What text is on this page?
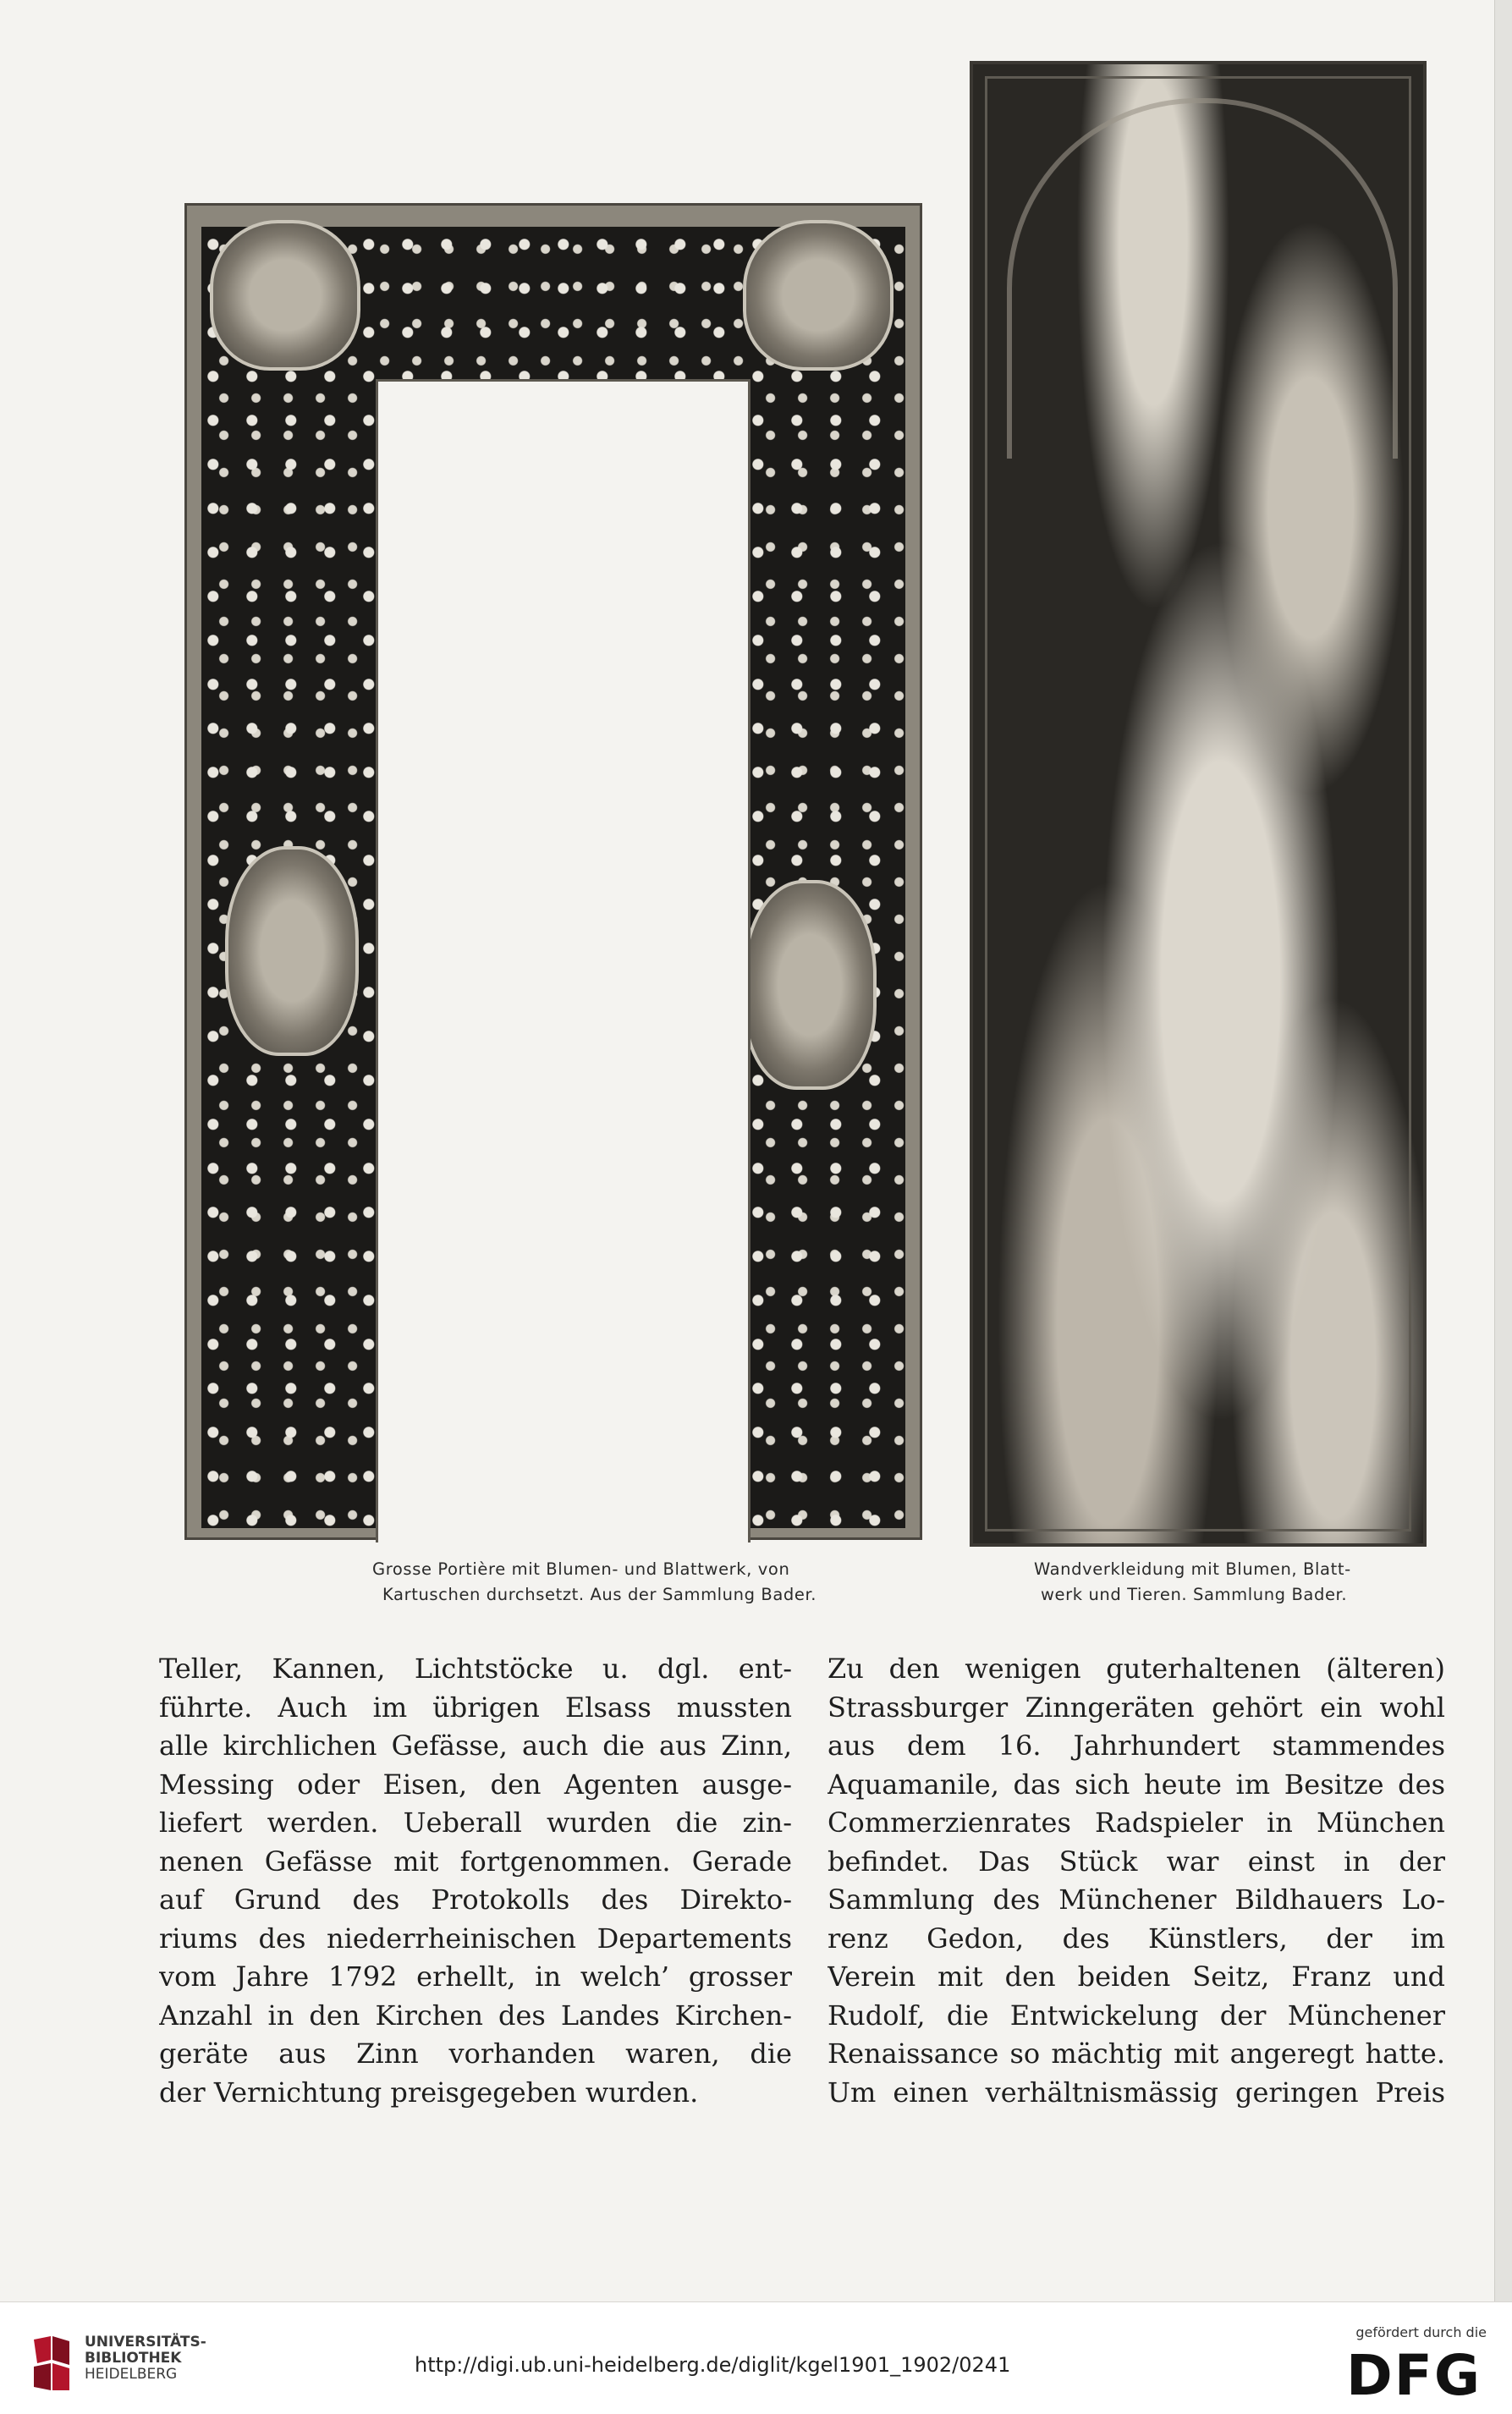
Grosse Portière mit Blumen- und Blattwerk, von
Kartuschen durchsetzt. Aus der Sammlung Bader.
Wandverkleidung mit Blumen, Blatt-
werk und Tieren. Sammlung Bader.
Teller, Kannen, Lichtstöcke u. dgl. ent-
führte. Auch im übrigen Elsass mussten
alle kirchlichen Gefässe, auch die aus Zinn,
Messing oder Eisen, den Agenten ausge-
liefert werden. Ueberall wurden die zin-
nenen Gefässe mit fortgenommen. Gerade
auf Grund des Protokolls des Direkto-
riums des niederrheinischen Departements
vom Jahre 1792 erhellt, in welch’ grosser
Anzahl in den Kirchen des Landes Kirchen-
geräte aus Zinn vorhanden waren, die
der Vernichtung preisgegeben wurden.
Zu den wenigen guterhaltenen (älteren)
Strassburger Zinngeräten gehört ein wohl
aus dem 16. Jahrhundert stammendes
Aquamanile, das sich heute im Besitze des
Commerzienrates Radspieler in München
befindet. Das Stück war einst in der
Sammlung des Münchener Bildhauers Lo-
renz Gedon, des Künstlers, der im
Verein mit den beiden Seitz, Franz und
Rudolf, die Entwickelung der Münchener
Renaissance so mächtig mit angeregt hatte.
Um einen verhältnismässig geringen Preis
UNIVERSITÄTS-
BIBLIOTHEK
HEIDELBERG	http://digi.ub.uni-heidelberg.de/diglit/kgel1901_1902/0241
gefördert durch die
DFG
